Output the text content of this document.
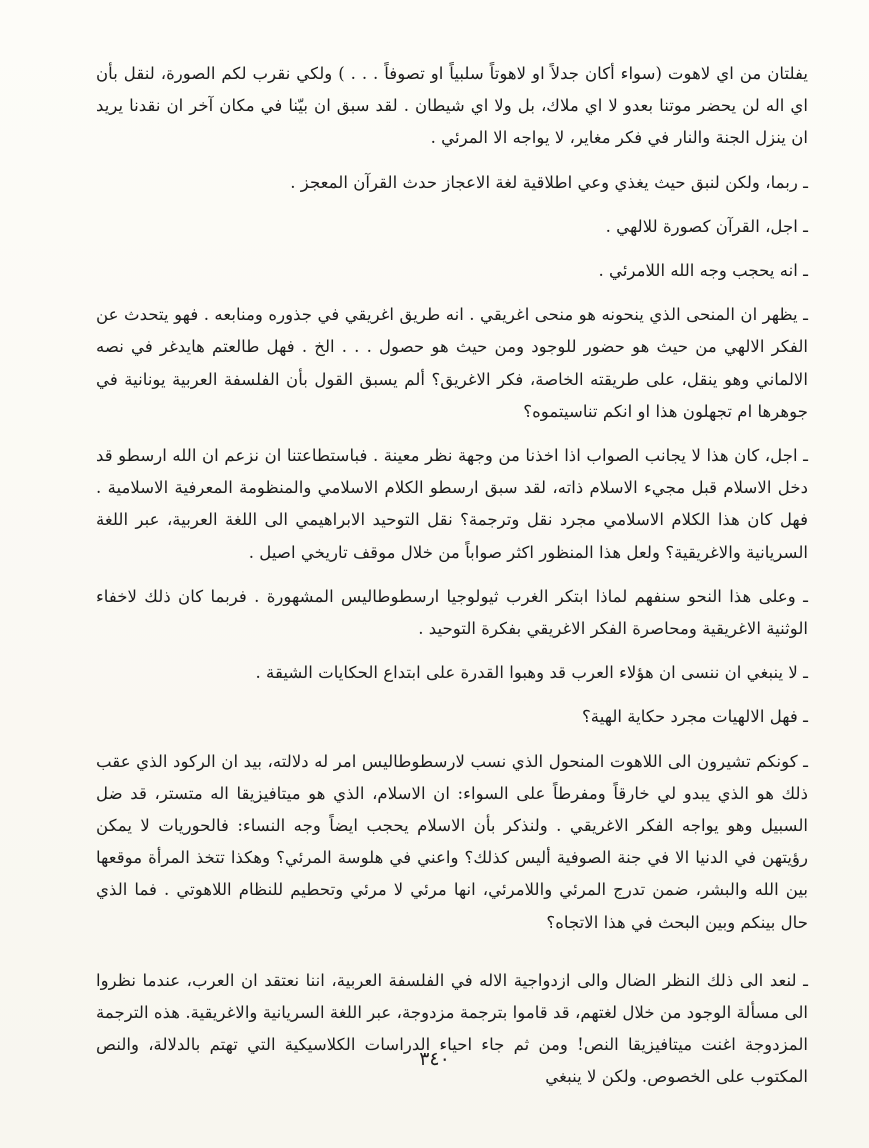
يفلتان من اي لاهوت (سواء أكان جدلاً او لاهوتاً سلبياً او تصوفاً . . . ) ولكي نقرب لكم الصورة، لنقل بأن اي اله لن يحضر موتنا بعدو لا اي ملاك، بل ولا اي شيطان . لقد سبق ان بيّنا في مكان آخر ان نقدنا يريد ان ينزل الجنة والنار في فكر مغاير، لا يواجه الا المرئي .

ـ ربما، ولكن لنبق حيث يغذي وعي اطلاقية لغة الاعجاز حدث القرآن المعجز .

ـ اجل، القرآن كصورة للالهي .

ـ انه يحجب وجه الله اللامرئي .

ـ يظهر ان المنحى الذي ينحونه هو منحى اغريقي . انه طريق اغريقي في جذوره ومنابعه . فهو يتحدث عن الفكر الالهي من حيث هو حضور للوجود ومن حيث هو حصول . . . الخ . فهل طالعتم هايدغر في نصه الالماني وهو ينقل، على طريقته الخاصة، فكر الاغريق؟ ألم يسبق القول بأن الفلسفة العربية يونانية في جوهرها ام تجهلون هذا او انكم تناسيتموه؟

ـ اجل، كان هذا لا يجانب الصواب اذا اخذنا من وجهة نظر معينة . فباستطاعتنا ان نزعم ان الله ارسطو قد دخل الاسلام قبل مجيء الاسلام ذاته، لقد سبق ارسطو الكلام الاسلامي والمنظومة المعرفية الاسلامية . فهل كان هذا الكلام الاسلامي مجرد نقل وترجمة؟ نقل التوحيد الابراهيمي الى اللغة العربية، عبر اللغة السريانية والاغريقية؟ ولعل هذا المنظور اكثر صواباً من خلال موقف تاريخي اصيل .

ـ وعلى هذا النحو سنفهم لماذا ابتكر الغرب ثيولوجيا ارسطوطاليس المشهورة . فربما كان ذلك لاخفاء الوثنية الاغريقية ومحاصرة الفكر الاغريقي بفكرة التوحيد .

ـ لا ينبغي ان ننسى ان هؤلاء العرب قد وهبوا القدرة على ابتداع الحكايات الشيقة .

ـ فهل الالهيات مجرد حكاية الهية؟

ـ كونكم تشيرون الى اللاهوت المنحول الذي نسب لارسطوطاليس امر له دلالته، بيد ان الركود الذي عقب ذلك هو الذي يبدو لي خارقاً ومفرطاً على السواء: ان الاسلام، الذي هو ميتافيزيقا اله متستر، قد ضل السبيل وهو يواجه الفكر الاغريقي . ولنذكر بأن الاسلام يحجب ايضاً وجه النساء: فالحوريات لا يمكن رؤيتهن في الدنيا الا في جنة الصوفية أليس كذلك؟ واعني في هلوسة المرئي؟ وهكذا تتخذ المرأة موقعها بين الله والبشر، ضمن تدرج المرئي واللامرئي، انها مرئي لا مرئي وتحطيم للنظام اللاهوتي . فما الذي حال بينكم وبين البحث في هذا الاتجاه؟

ـ لنعد الى ذلك النظر الضال والى ازدواجية الاله في الفلسفة العربية، اننا نعتقد ان العرب، عندما نظروا الى مسألة الوجود من خلال لغتهم، قد قاموا بترجمة مزدوجة، عبر اللغة السريانية والاغريقية. هذه الترجمة المزدوجة اغنت ميتافيزيقا النص! ومن ثم جاء احياء الدراسات الكلاسيكية التي تهتم بالدلالة، والنص المكتوب على الخصوص. ولكن لا ينبغي

٣٤٠
